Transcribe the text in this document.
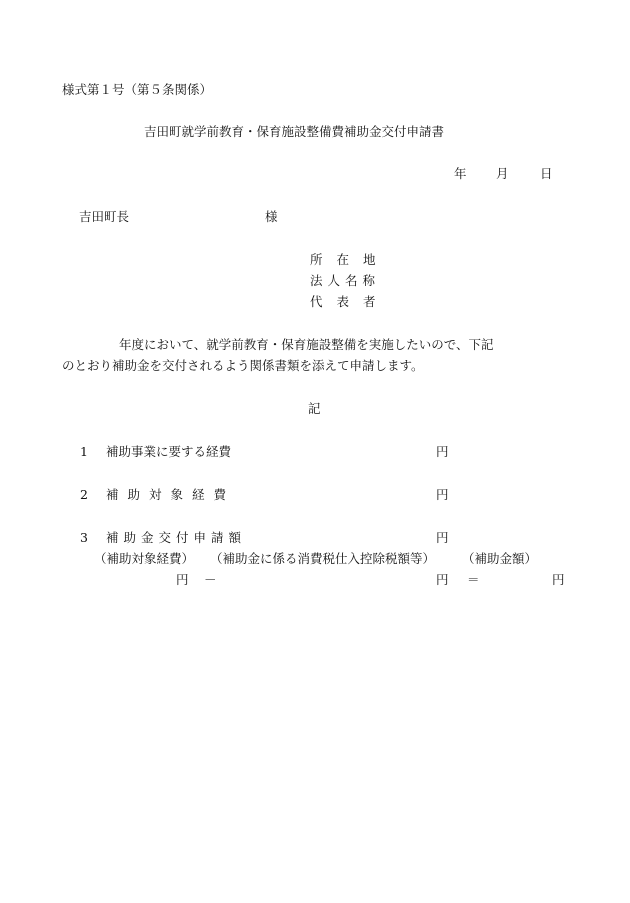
様式第１号（第５条関係）
吉田町就学前教育・保育施設整備費補助金交付申請書
年 月	日
吉田町長	様
所在地
法人名称
代表者
年度において、就学前教育・保育施設整備を実施したいので、下記
のとおり補助金を交付されるよう関係書類を添えて申請します。
記
1 補助事業に要する経費	円
2 補助対象経費	円
3 補助金交付申請額	円
（補助対象経費） （補助金に係る消費税仕入控除税額等） （補助金額）
円 －	円 ＝	円
